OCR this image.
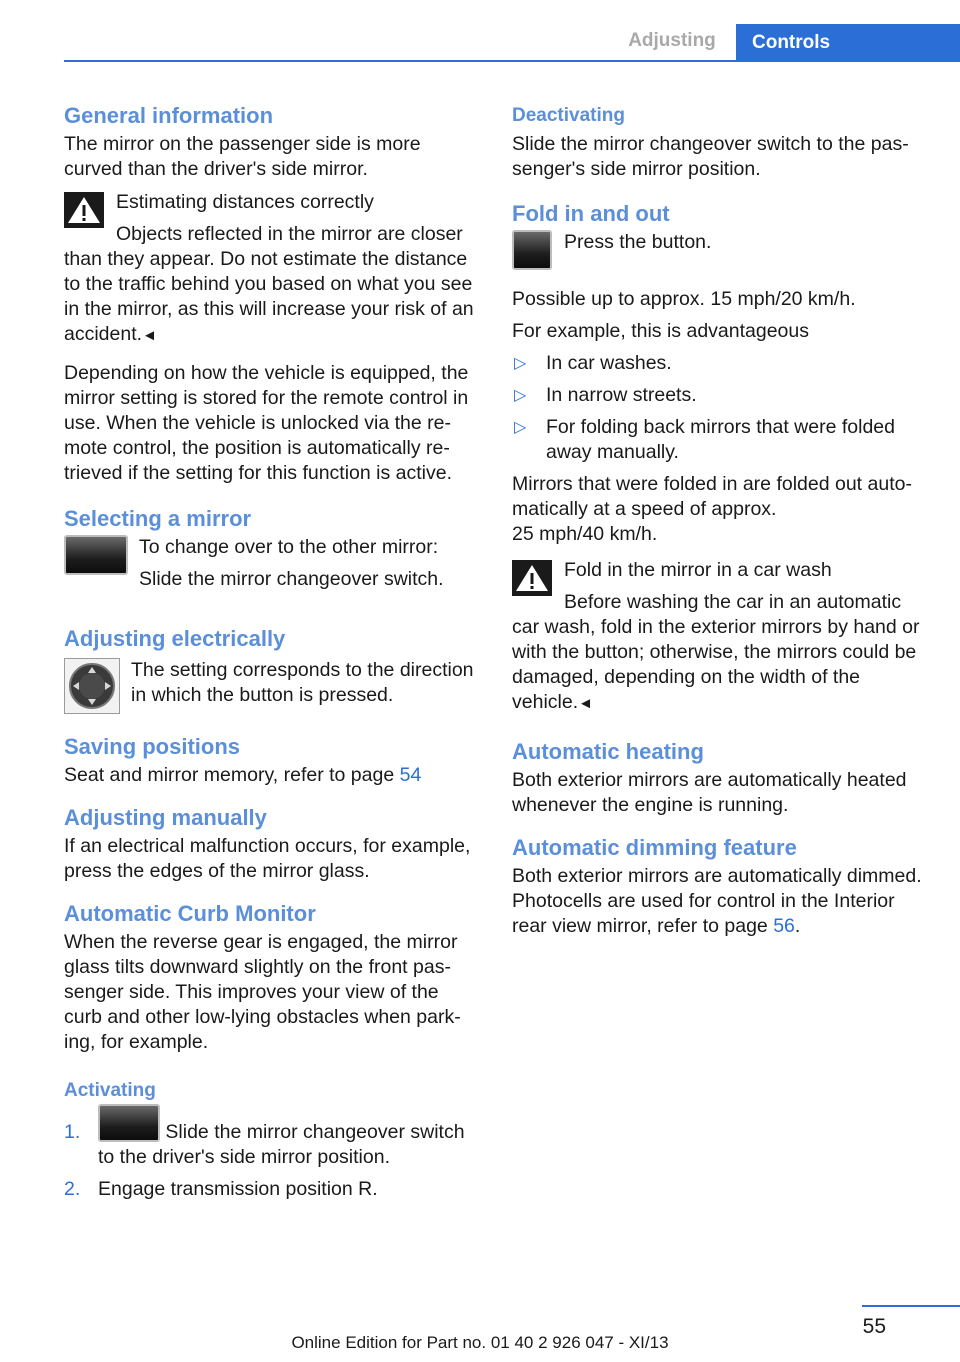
Adjusting	Controls
General information

The mirror on the passenger side is more curved than the driver's side mirror.

Estimating distances correctly

Objects reflected in the mirror are closer

than they appear. Do not estimate the distance to the traffic behind you based on what you see in the mirror, as this will increase your risk of an accident.◄

Depending on how the vehicle is equipped, the mirror setting is stored for the remote control in use. When the vehicle is unlocked via the remote control, the position is automatically retrieved if the setting for this function is active.

Selecting a mirror

To change over to the other mirror:

Slide the mirror changeover switch.

Adjusting electrically

The setting corresponds to the direction in which the button is pressed.

Saving positions

Seat and mirror memory, refer to page 54

Adjusting manually

If an electrical malfunction occurs, for example, press the edges of the mirror glass.

Automatic Curb Monitor

When the reverse gear is engaged, the mirror glass tilts downward slightly on the front passenger side. This improves your view of the curb and other low-lying obstacles when parking, for example.

Activating
1.	Slide the mirror changeover switch to the driver's side mirror position.
2. Engage transmission position R.
Deactivating

Slide the mirror changeover switch to the passenger's side mirror position.

Fold in and out

Press the button.

Possible up to approx. 15 mph/20 km/h.

For example, this is advantageous

▷ In car washes.
▷ In narrow streets.
▷ For folding back mirrors that were folded away manually.

Mirrors that were folded in are folded out automatically at a speed of approx.

25 mph/40 km/h.

Fold in the mirror in a car wash

Before washing the car in an automatic

car wash, fold in the exterior mirrors by hand or with the button; otherwise, the mirrors could be damaged, depending on the width of the vehicle.◄

Automatic heating

Both exterior mirrors are automatically heated whenever the engine is running.

Automatic dimming feature

Both exterior mirrors are automatically dimmed. Photocells are used for control in the Interior rear view mirror, refer to page 56.

55
Online Edition for Part no. 01 40 2 926 047 - XI/13
